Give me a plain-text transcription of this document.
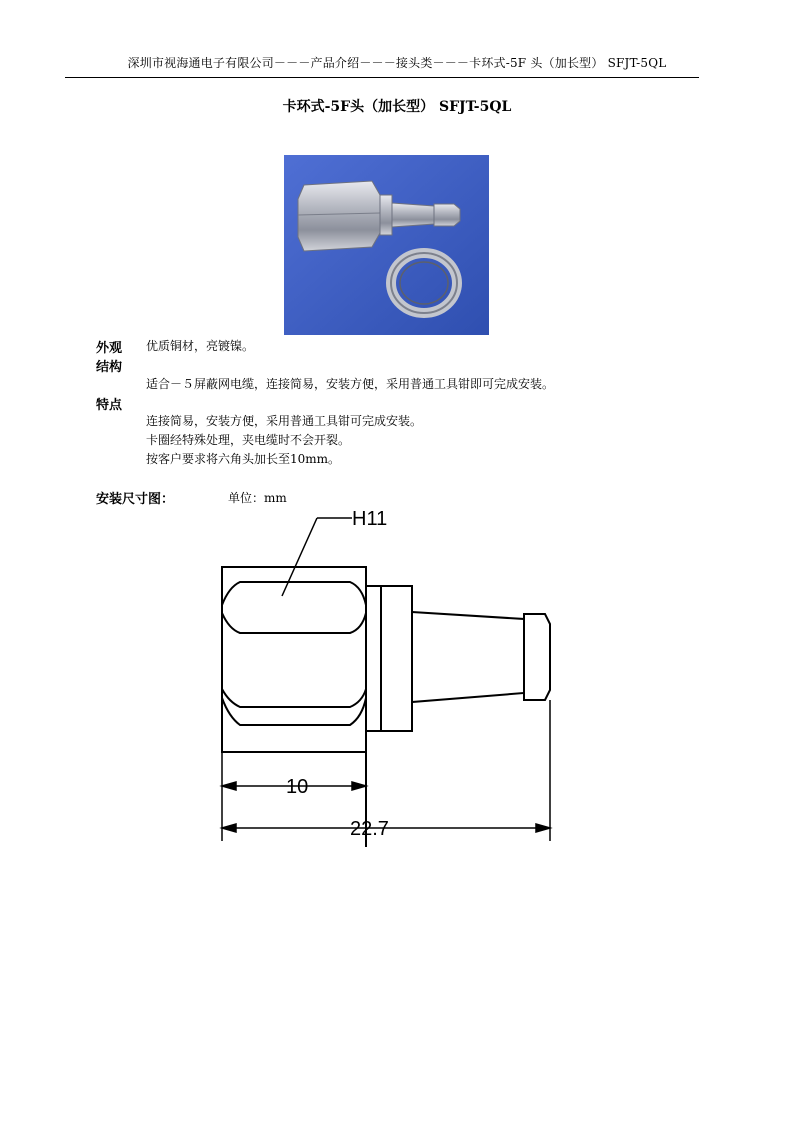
深圳市视海通电子有限公司－－－产品介绍－－－接头类－－－卡环式-5F 头（加长型） SFJT-5QL
卡环式-5F头（加长型） SFJT-5QL
外观 优质铜材，亮镀镍。
结构
适合－５屏蔽网电缆，连接简易，安装方便，采用普通工具钳即可完成安装。
特点
连接简易，安装方便，采用普通工具钳可完成安装。
卡圈经特殊处理，夹电缆时不会开裂。
按客户要求将六角头加长至10mm。
安装尺寸图：	单位：mm
H11
10
22.7
